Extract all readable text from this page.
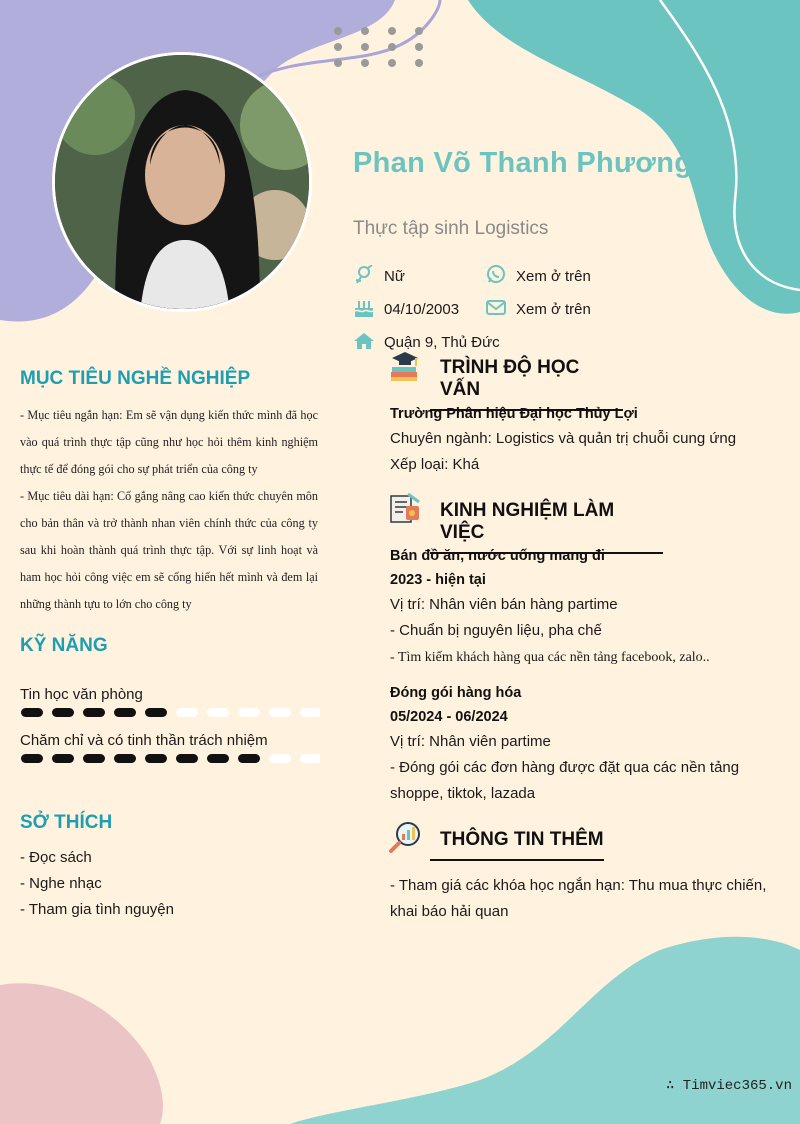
Phan Võ Thanh Phương
Thực tập sinh Logistics
Nữ	Xem ở trên
04/10/2003	Xem ở trên
Quận 9, Thủ Đức
MỤC TIÊU NGHỀ NGHIỆP
- Mục tiêu ngắn hạn: Em sẽ vận dụng kiến thức mình đã học vào quá trình thực tập cũng như học hỏi thêm kinh nghiệm thực tế để đóng gói cho sự phát triển của công ty
- Mục tiêu dài hạn: Cố gắng nâng cao kiến thức chuyên môn cho bản thân và trở thành nhan viên chính thức của công ty sau khi hoàn thành quá trình thực tập. Với sự linh hoạt và ham học hỏi công việc em sẽ cống hiến hết mình và đem lại những thành tựu to lớn cho công ty
KỸ NĂNG
Tin học văn phòng
Chăm chỉ và có tinh thần trách nhiệm
SỞ THÍCH
- Đọc sách
- Nghe nhạc
- Tham gia tình nguyện
TRÌNH ĐỘ HỌC VẤN
Trường Phân hiệu Đại học Thủy Lợi
Chuyên ngành: Logistics và quản trị chuỗi cung ứng
Xếp loại: Khá
KINH NGHIỆM LÀM VIỆC
Bán đồ ăn, nước uống mang đi
2023 - hiện tại
Vị trí: Nhân viên bán hàng partime
- Chuẩn bị nguyên liệu, pha chế
- Tìm kiếm khách hàng qua các nền tảng facebook, zalo..
Đóng gói hàng hóa
05/2024 - 06/2024
Vị trí: Nhân viên partime
- Đóng gói các đơn hàng được đặt qua các nền tảng shoppe, tiktok, lazada
THÔNG TIN THÊM
- Tham giá các khóa học ngắn hạn: Thu mua thực chiến, khai báo hải quan
∴ Timviec365.vn
